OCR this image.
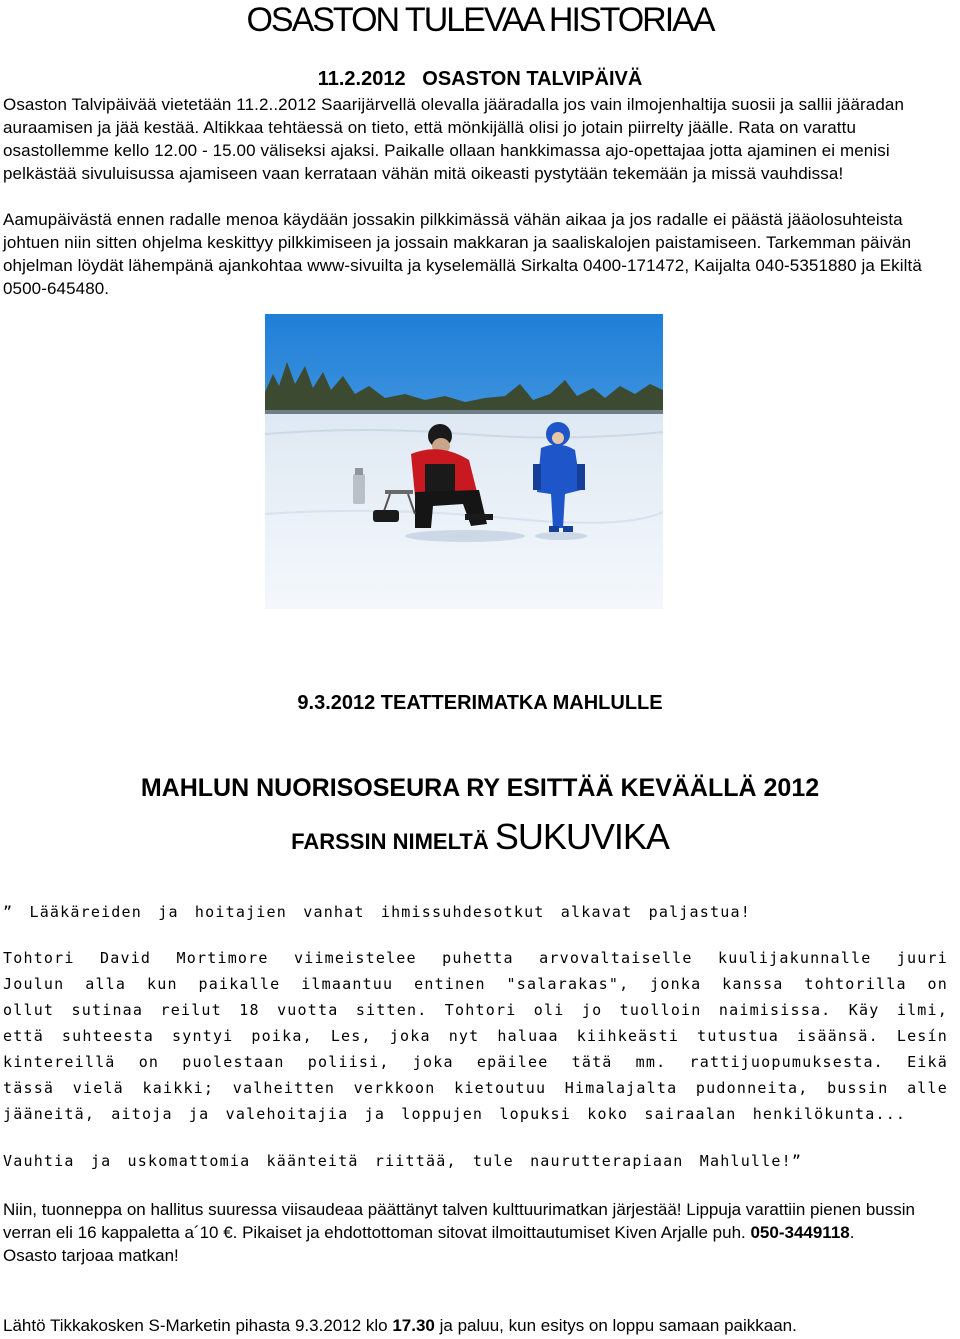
OSASTON TULEVAA HISTORIAA
11.2.2012   OSASTON TALVIPÄIVÄ

Osaston Talvipäivää vietetään 11.2..2012 Saarijärvellä olevalla jääradalla jos vain ilmojenhaltija suosii ja sallii jääradan auraamisen ja jää kestää. Altikkaa tehtäessä on tieto, että mönkijällä olisi jo jotain piirrelty jäälle. Rata on varattu osastollemme kello 12.00 - 15.00 väliseksi ajaksi. Paikalle ollaan hankkimassa ajo-opettajaa jotta ajaminen ei menisi pelkästää sivuluisussa ajamiseen vaan kerrataan vähän mitä oikeasti pystytään tekemään ja missä vauhdissa!

Aamupäivästä ennen radalle menoa käydään jossakin pilkkimässä vähän aikaa ja jos radalle ei päästä jääolosuhteista johtuen niin sitten ohjelma keskittyy pilkkimiseen ja jossain makkaran ja saaliskalojen paistamiseen. Tarkemman päivän ohjelman löydät lähempänä ajankohtaa www-sivuilta ja kyselemällä Sirkalta 0400-171472, Kaijalta 040-5351880 ja Ekiltä 0500-645480.

9.3.2012 TEATTERIMATKA MAHLULLE
MAHLUN NUORISOSEURA RY ESITTÄÄ KEVÄÄLLÄ 2012
FARSSIN NIMELTÄ SUKUVIKA

” Lääkäreiden ja hoitajien vanhat ihmissuhdesotkut alkavat paljastua!

Tohtori David Mortimore viimeistelee puhetta arvovaltaiselle kuulijakunnalle juuri Joulun alla kun paikalle ilmaantuu entinen "salarakas", jonka kanssa tohtorilla on ollut sutinaa reilut 18 vuotta sitten. Tohtori oli jo tuolloin naimisissa. Käy ilmi, että suhteesta syntyi poika, Les, joka nyt haluaa kiihkeästi tutustua isäänsä. Lesín kintereillä on puolestaan poliisi, joka epäilee tätä mm. rattijuopumuksesta. Eikä tässä vielä kaikki; valheitten verkkoon kietoutuu Himalajalta pudonneita, bussin alle jääneitä, aitoja ja valehoitajia ja loppujen lopuksi koko sairaalan henkilökunta...

Vauhtia ja uskomattomia käänteitä riittää, tule naurutterapiaan Mahlulle!”

Niin, tuonneppa on hallitus suuressa viisaudeaa päättänyt talven kulttuurimatkan järjestää! Lippuja varattiin pienen bussin verran eli 16 kappaletta a´10 €. Pikaiset ja ehdottottoman sitovat ilmoittautumiset Kiven Arjalle puh. 050-3449118.
Osasto tarjoaa matkan!

Lähtö Tikkakosken S-Marketin pihasta 9.3.2012 klo 17.30 ja paluu, kun esitys on loppu samaan paikkaan.
